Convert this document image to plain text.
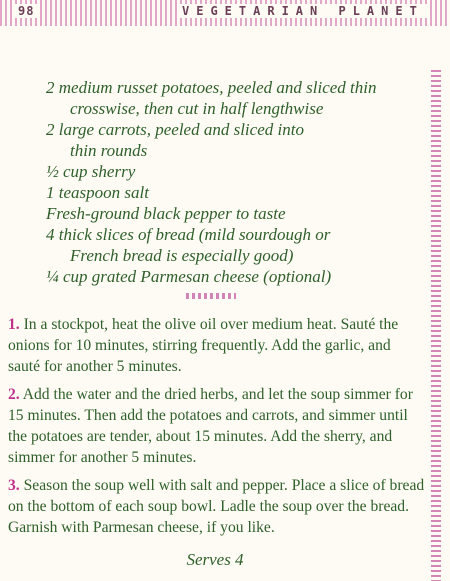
98	VEGETARIAN PLANET
2 medium russet potatoes, peeled and sliced thin
crosswise, then cut in half lengthwise
2 large carrots, peeled and sliced into
thin rounds
½ cup sherry
1 teaspoon salt
Fresh-ground black pepper to taste
4 thick slices of bread (mild sourdough or
French bread is especially good)
¼ cup grated Parmesan cheese (optional)

1. In a stockpot, heat the olive oil over medium heat. Sauté the onions for 10 minutes, stirring frequently. Add the garlic, and sauté for another 5 minutes.

2. Add the water and the dried herbs, and let the soup simmer for 15 minutes. Then add the potatoes and carrots, and simmer until the potatoes are tender, about 15 minutes. Add the sherry, and simmer for another 5 minutes.

3. Season the soup well with salt and pepper. Place a slice of bread on the bottom of each soup bowl. Ladle the soup over the bread. Garnish with Parmesan cheese, if you like.

Serves 4
